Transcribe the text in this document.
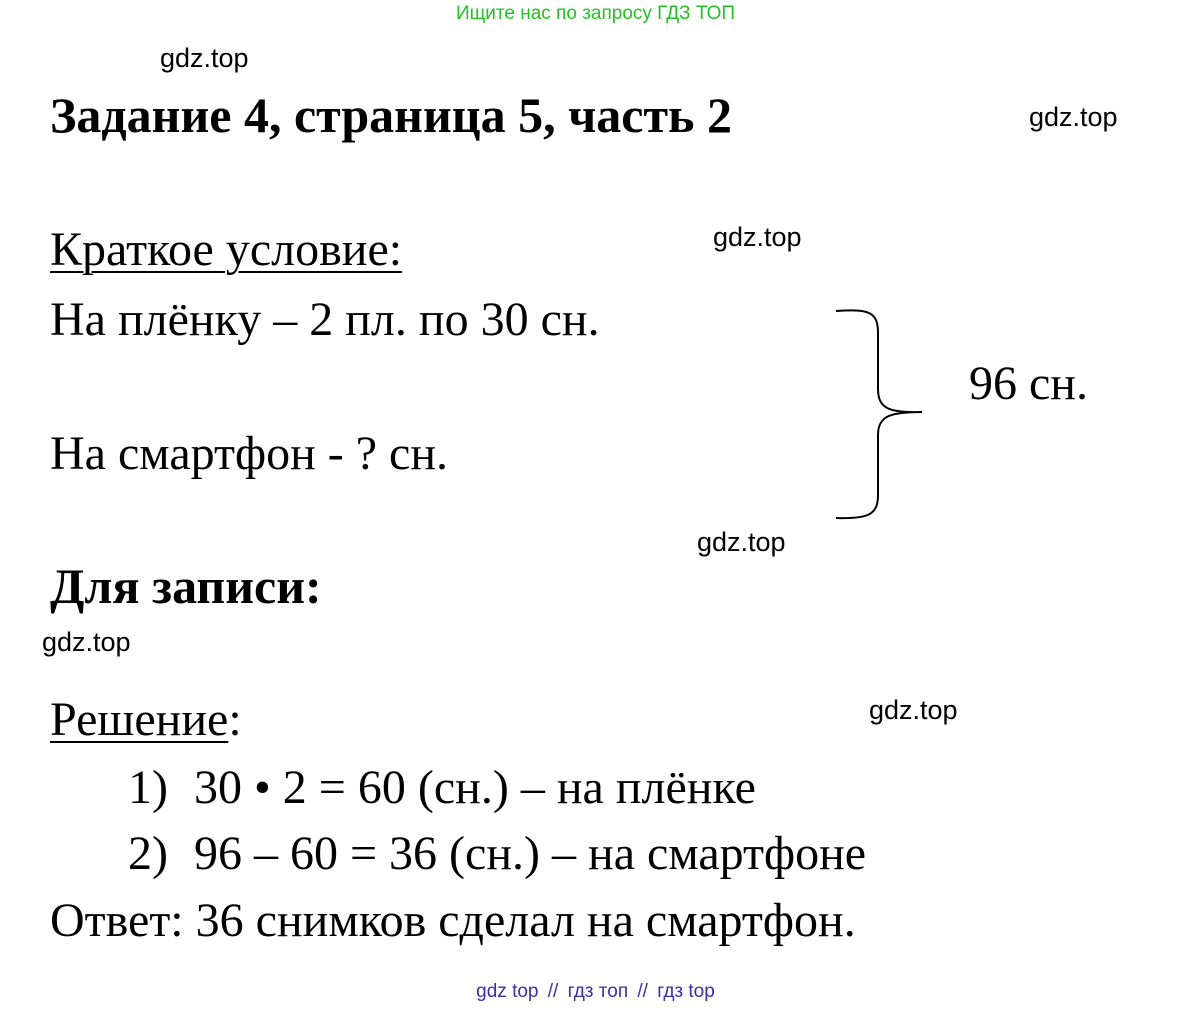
Ищите нас по запросу ГДЗ ТОП
gdz.top
Задание 4, страница 5, часть 2	gdz.top
Краткое условие:	gdz.top
На плёнку – 2 пл. по 30 сн.
На смартфон - ? сн.
96 сн.
gdz.top
Для записи:
gdz.top
Решение:	gdz.top
1) 30 • 2 = 60 (сн.) – на плёнке
2) 96 – 60 = 36 (сн.) – на смартфоне
Ответ: 36 снимков сделал на смартфон.
gdz top // гдз топ // гдз top
